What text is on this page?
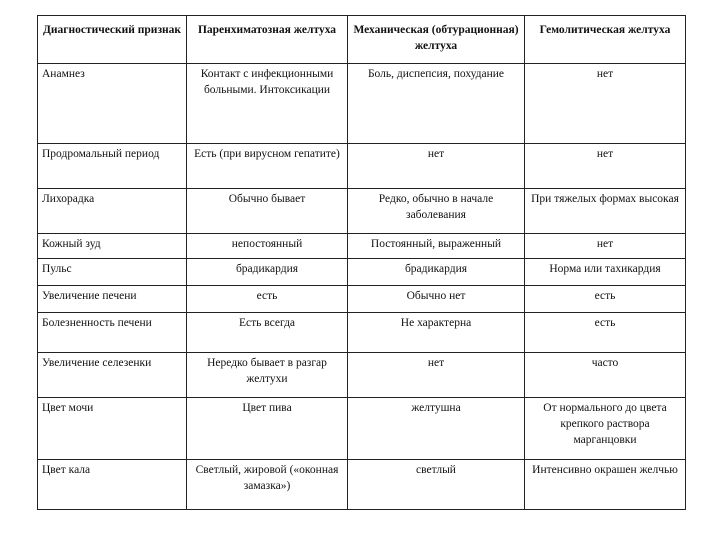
Диагностический признак	Паренхиматозная желтуха	Механическая (обтурационная) желтуха	Гемолитическая желтуха
Анамнез	Контакт с инфекционными больными. Интоксикации	Боль, диспепсия, похудание	нет
Продромальный период	Есть (при вирусном гепатите)	нет	нет
Лихорадка	Обычно бывает	Редко, обычно в начале заболевания	При тяжелых формах высокая
Кожный зуд	непостоянный	Постоянный, выраженный	нет
Пульс	брадикардия	брадикардия	Норма или тахикардия
Увеличение печени	есть	Обычно нет	есть
Болезненность печени	Есть всегда	Не характерна	есть
Увеличение селезенки	Нередко бывает в разгар желтухи	нет	часто
Цвет мочи	Цвет пива	желтушна	От нормального до цвета крепкого раствора марганцовки
Цвет кала	Светлый, жировой («оконная замазка»)	светлый	Интенсивно окрашен желчью
